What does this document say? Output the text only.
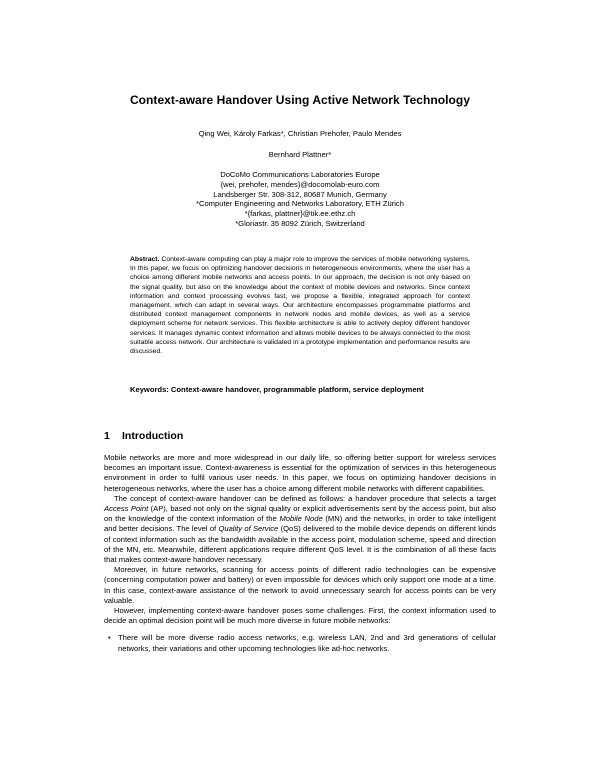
Context-aware Handover Using Active Network Technology
Qing Wei, Károly Farkas*, Christian Prehofer, Paulo Mendes
Bernhard Plattner*
DoCoMo Communications Laboratories Europe
{wei, prehofer, mendes}@docomolab-euro.com
Landsberger Str. 308-312, 80687 Munich, Germany
*Computer Engineering and Networks Laboratory, ETH Zürich
*{farkas, plattner}@tik.ee.ethz.ch
*Gloriastr. 35 8092 Zürich, Switzerland
Abstract. Context-aware computing can play a major role to improve the services of mobile networking systems. In this paper, we focus on optimizing handover decisions in heterogeneous environments, where the user has a choice among different mobile networks and access points. In our approach, the decision is not only based on the signal quality, but also on the knowledge about the context of mobile devices and networks. Since context information and context processing evolves fast, we propose a flexible, integrated approach for context management, which can adapt in several ways. Our architecture encompasses programmable platforms and distributed context management components in network nodes and mobile devices, as well as a service deployment scheme for network services. This flexible architecture is able to actively deploy different handover services. It manages dynamic context information and allows mobile devices to be always connected to the most suitable access network. Our architecture is validated in a prototype implementation and performance results are discussed.
Keywords: Context-aware handover, programmable platform, service deployment
1 Introduction

Mobile networks are more and more widespread in our daily life, so offering better support for wireless services becomes an important issue. Context-awareness is essential for the optimization of services in this heterogeneous environment in order to fulfil various user needs. In this paper, we focus on optimizing handover decisions in heterogeneous networks, where the user has a choice among different mobile networks with different capabilities.

The concept of context-aware handover can be defined as follows: a handover procedure that selects a target Access Point (AP), based not only on the signal quality or explicit advertisements sent by the access point, but also on the knowledge of the context information of the Mobile Node (MN) and the networks, in order to take intelligent and better decisions. The level of Quality of Service (QoS) delivered to the mobile device depends on different kinds of context information such as the bandwidth available in the access point, modulation scheme, speed and direction of the MN, etc. Meanwhile, different applications require different QoS level. It is the combination of all these facts that makes context-aware handover necessary.

Moreover, in future networks, scanning for access points of different radio technologies can be expensive (concerning computation power and battery) or even impossible for devices which only support one mode at a time. In this case, context-aware assistance of the network to avoid unnecessary search for access points can be very valuable.

However, implementing context-aware handover poses some challenges. First, the context information used to decide an optimal decision point will be much more diverse in future mobile networks:

• There will be more diverse radio access networks, e.g. wireless LAN, 2nd and 3rd generations of cellular networks, their variations and other upcoming technologies like ad-hoc networks.
